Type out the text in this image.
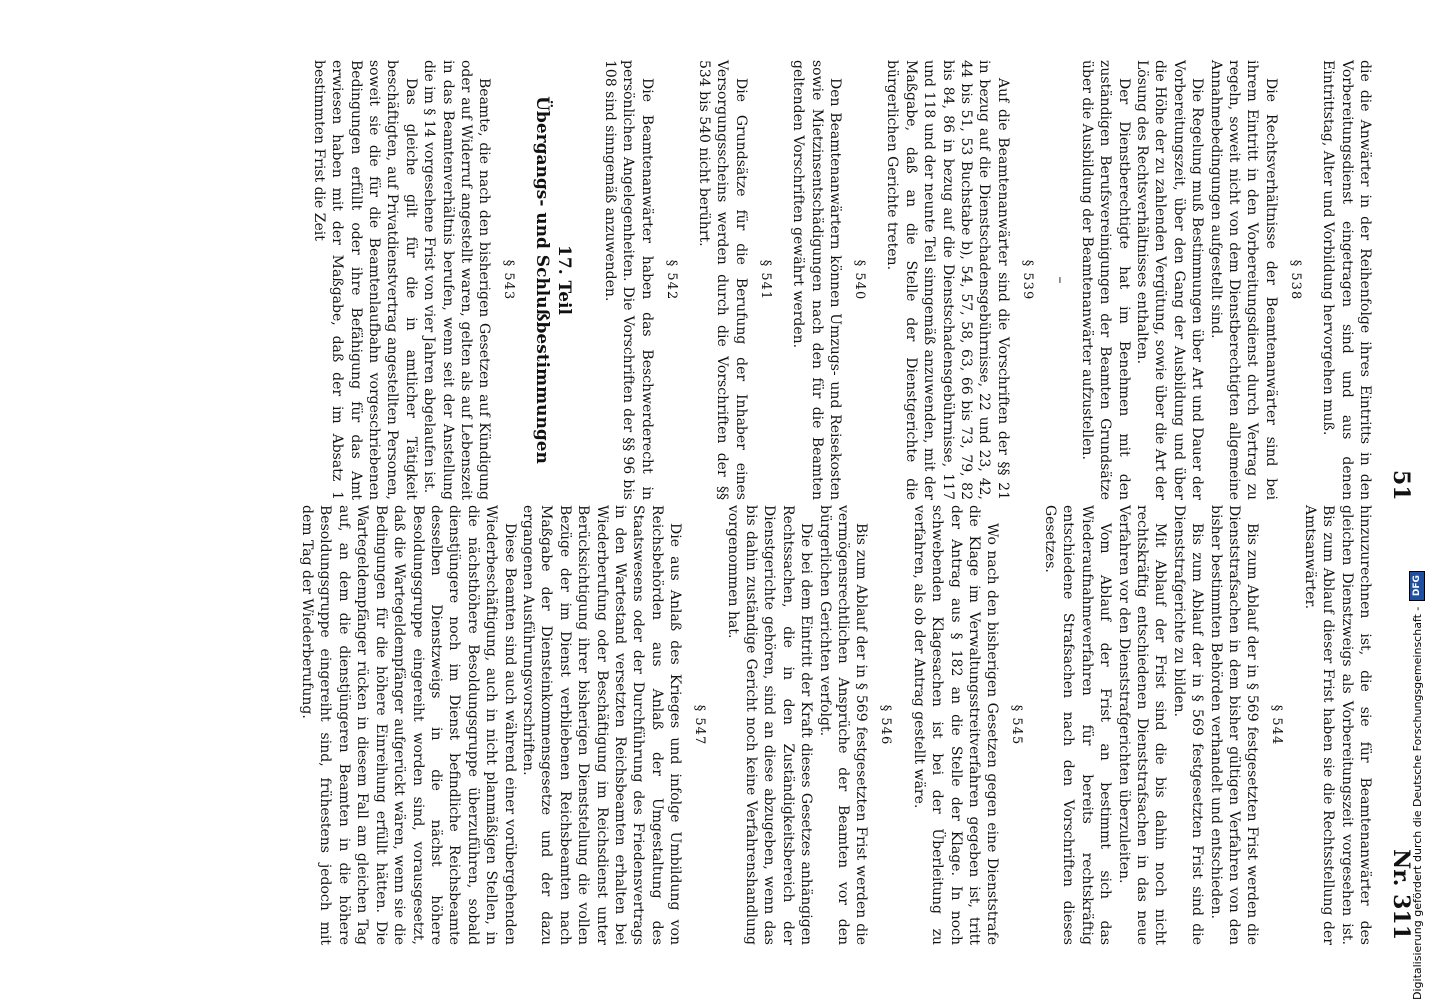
51
Nr. 311

die die Anwärter in der Reihenfolge ihres Eintritts in den Vorbereitungsdienst eingetragen sind und aus denen Eintrittstag, Alter und Vorbildung hervorgehen muß.

§ 538

Die Rechtsverhältnisse der Beamtenanwärter sind bei ihrem Eintritt in den Vorbereitungsdienst durch Vertrag zu regeln, soweit nicht von dem Dienstberechtigten allgemeine Annahmebedingungen aufgestellt sind.

Die Regelung muß Bestimmungen über Art und Dauer der Vorbereitungszeit, über den Gang der Ausbildung und über die Höhe der zu zahlenden Vergütung, sowie über die Art der Lösung des Rechtsverhältnisses enthalten.

Der Dienstberechtigte hat im Benehmen mit den zuständigen Berufsvereinigungen der Beamten Grundsätze über die Ausbildung der Beamtenanwärter aufzustellen.

–
§ 539

Auf die Beamtenanwärter sind die Vorschriften der §§ 21 in bezug auf die Dienstschadensgebührnisse, 22 und 23, 42, 44 bis 51, 53 Buchstabe b), 54, 57, 58, 63, 66 bis 73, 79, 82 bis 84, 86 in bezug auf die Dienstschadensgebührnisse, 117 und 118 und der neunte Teil sinngemäß anzuwenden, mit der Maßgabe, daß an die Stelle der Dienstgerichte die bürgerlichen Gerichte treten.

§ 540

Den Beamtenanwärtern können Umzugs- und Reisekosten sowie Mietzinsentschädigungen nach den für die Beamten geltenden Vorschriften gewährt werden.

§ 541

Die Grundsätze für die Berufung der Inhaber eines Versorgungsscheins werden durch die Vorschriften der §§ 534 bis 540 nicht berührt.

§ 542

Die Beamtenanwärter haben das Beschwerderecht in persönlichen Angelegenheiten. Die Vorschriften der §§ 96 bis 108 sind sinngemäß anzuwenden.

17. Teil
Übergangs- und Schlußbestimmungen
§ 543

Beamte, die nach den bisherigen Gesetzen auf Kündigung oder auf Widerruf angestellt waren, gelten als auf Lebenszeit in das Beamtenverhältnis berufen, wenn seit der Anstellung die im § 14 vorgesehene Frist von vier Jahren abgelaufen ist.

Das gleiche gilt für die in amtlicher Tätigkeit beschäftigten, auf Privatdienstvertrag angestellten Personen, soweit sie die für die Beamtenlaufbahn vorgeschriebenen Bedingungen erfüllt oder ihre Befähigung für das Amt erwiesen haben mit der Maßgabe, daß der im Absatz 1 bestimmten Frist die Zeit

hinzuzurechnen ist, die sie für Beamtenanwärter des gleichen Dienstzweigs als Vorbereitungszeit vorgesehen ist. Bis zum Ablauf dieser Frist haben sie die Rechtsstellung der Amtsanwärter.

§ 544

Bis zum Ablauf der in § 569 festgesetzten Frist werden die Dienststrafsachen in dem bisher gültigen Verfahren von den bisher bestimmten Behörden verhandelt und entschieden.

Bis zum Ablauf der in § 569 festgesetzten Frist sind die Dienststrafgerichte zu bilden.

Mit Ablauf der Frist sind die bis dahin noch nicht rechtskräftig entschiedenen Dienststrafsachen in das neue Verfahren vor den Dienststrafgerichten überzuleiten.

Vom Ablauf der Frist an bestimmt sich das Wiederaufnahmeverfahren für bereits rechtskräftig entschiedene Strafsachen nach den Vorschriften dieses Gesetzes.

§ 545

Wo nach den bisherigen Gesetzen gegen eine Dienststrafe die Klage im Verwaltungsstreitverfahren gegeben ist, tritt der Antrag aus § 182 an die Stelle der Klage. In noch schwebenden Klagesachen ist bei der Überleitung zu verfahren, als ob der Antrag gestellt wäre.

§ 546

Bis zum Ablauf der in § 569 festgesetzten Frist werden die vermögensrechtlichen Ansprüche der Beamten vor den bürgerlichen Gerichten verfolgt.

Die bei dem Eintritt der Kraft dieses Gesetzes anhängigen Rechtssachen, die in den Zuständigkeitsbereich der Dienstgerichte gehören, sind an diese abzugeben, wenn das bis dahin zuständige Gericht noch keine Verfahrenshandlung vorgenommen hat.

§ 547

Die aus Anlaß des Krieges und infolge Umbildung von Reichsbehörden aus Anlaß der Umgestaltung des Staatswesens oder der Durchführung des Friedensvertrags in den Wartestand versetzten Reichsbeamten erhalten bei Wiederberufung oder Beschäftigung im Reichsdienst unter Berücksichtigung ihrer bisherigen Dienststellung die vollen Bezüge der im Dienst verbliebenen Reichsbeamten nach Maßgabe der Diensteinkommensgesetze und der dazu ergangenen Ausführungsvorschriften.

Diese Beamten sind auch während einer vorübergehenden Wiederbeschäftigung, auch in nicht planmäßigen Stellen, in die nächsthöhere Besoldungsgruppe überzuführen, sobald dienstjüngere noch im Dienst befindliche Reichsbeamte desselben Dienstzweigs in die nächst höhere Besoldungsgruppe eingereiht worden sind, vorausgesetzt, daß die Wartegeldempfänger aufgerückt wären, wenn sie die Bedingungen für die höhere Einreihung erfüllt hätten. Die Wartegeldempfänger rücken in diesem Fall am gleichen Tag auf, an dem die dienstjüngeren Beamten in die höhere Besoldungsgruppe eingereiht sind, frühestens jedoch mit dem Tag der Wiederberufung.	Digitalisierung gefördert durch die Deutsche Forschungsgemeinschaft -
DFG
